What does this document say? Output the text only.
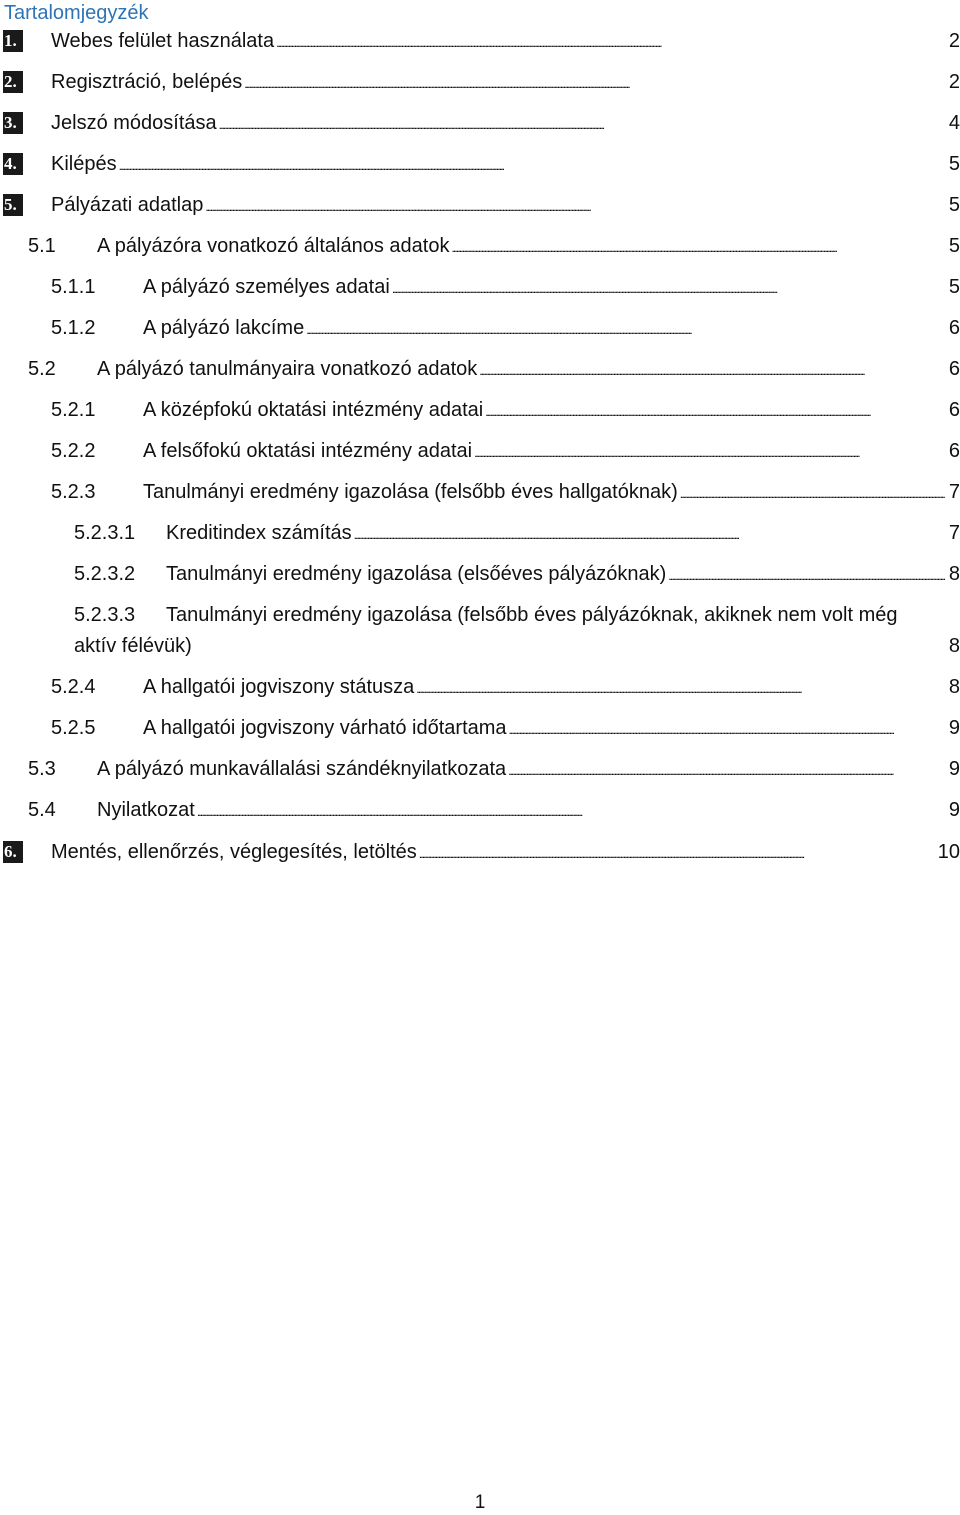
Tartalomjegyzék
1.	Webes felület használata . . .	2
2.	Regisztráció, belépés . . .	2
3.	Jelszó módosítása . . .	4
4.	Kilépés . . .	5
5.	Pályázati adatlap . . .	5
5.1 A pályázóra vonatkozó általános adatok . . .	5
5.1.1 A pályázó személyes adatai . . .	5
5.1.2 A pályázó lakcíme . . .	6
5.2 A pályázó tanulmányaira vonatkozó adatok . . .	6
5.2.1 A középfokú oktatási intézmény adatai . . .	6
5.2.2 A felsőfokú oktatási intézmény adatai . . .	6
5.2.3 Tanulmányi eredmény igazolása (felsőbb éves hallgatóknak) . . .	7
5.2.3.1 Kreditindex számítás . . .	7
5.2.3.2 Tanulmányi eredmény igazolása (elsőéves pályázóknak) . . .	8
5.2.3.3 Tanulmányi eredmény igazolása (felsőbb éves pályázóknak, akiknek nem volt még
aktív félévük)	8
5.2.4 A hallgatói jogviszony státusza . . .	8
5.2.5 A hallgatói jogviszony várható időtartama . . .	9
5.3 A pályázó munkavállalási szándéknyilatkozata . . .	9
5.4 Nyilatkozat . . .	9
6.	Mentés, ellenőrzés, véglegesítés, letöltés . . .	10
1
